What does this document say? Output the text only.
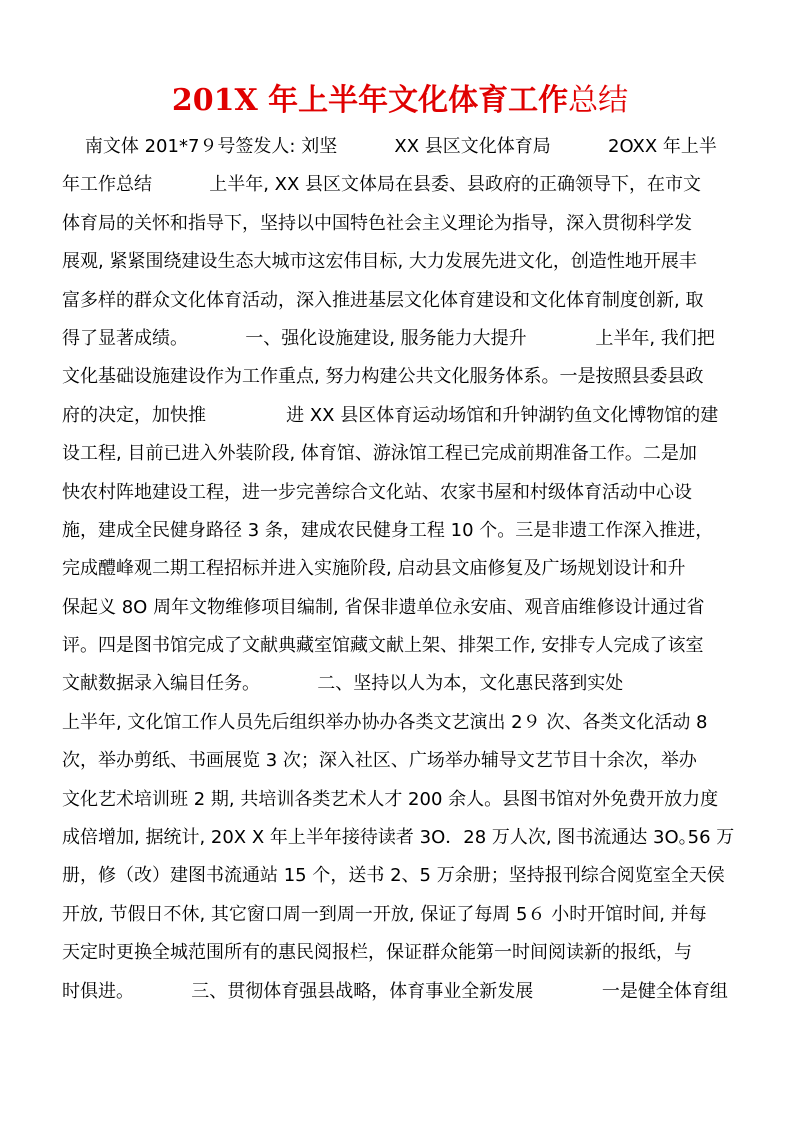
201X 年上半年文化体育工作总结
南文体 201*7９号签发人: 刘坚          XX 县区文化体育局          2OXX 年上半
年工作总结          上半年, XX 县区文体局在县委、县政府的正确领导下，在市文
体育局的关怀和指导下，坚持以中国特色社会主义理论为指导，深入贯彻科学发
展观, 紧紧围绕建设生态大城市这宏伟目标, 大力发展先进文化，创造性地开展丰
富多样的群众文化体育活动，深入推进基层文化体育建设和文化体育制度创新, 取
得了显著成绩。          一、强化设施建设, 服务能力大提升            上半年, 我们把
文化基础设施建设作为工作重点, 努力构建公共文化服务体系。一是按照县委县政
府的决定，加快推              进 XX 县区体育运动场馆和升钟湖钓鱼文化博物馆的建
设工程, 目前已进入外装阶段, 体育馆、游泳馆工程已完成前期准备工作。二是加
快农村阵地建设工程，进一步完善综合文化站、农家书屋和村级体育活动中心设
施，建成全民健身路径 3 条，建成农民健身工程 10 个。三是非遗工作深入推进，
完成醴峰观二期工程招标并进入实施阶段, 启动县文庙修复及广场规划设计和升
保起义 8O 周年文物维修项目编制, 省保非遗单位永安庙、观音庙维修设计通过省
评。四是图书馆完成了文献典藏室馆藏文献上架、排架工作, 安排专人完成了该室
文献数据录入编目任务。          二、坚持以人为本，文化惠民落到实处
上半年, 文化馆工作人员先后组织举办协办各类文艺演出 2９ 次、各类文化活动 8
次，举办剪纸、书画展览 3 次；深入社区、广场举办辅导文艺节目十余次，举办
文化艺术培训班 2 期, 共培训各类艺术人才 200 余人。县图书馆对外免费开放力度
成倍增加, 据统计, 20X X 年上半年接待读者 3O．28 万人次, 图书流通达 3O｡56 万
册，修（改）建图书流通站 15 个，送书 2、5 万余册；坚持报刊综合阅览室全天侯
开放, 节假日不休, 其它窗口周一到周一开放, 保证了每周 5６ 小时开馆时间, 并每
天定时更换全城范围所有的惠民阅报栏，保证群众能第一时间阅读新的报纸，与
时俱进。          三、贯彻体育强县战略，体育事业全新发展            一是健全体育组
